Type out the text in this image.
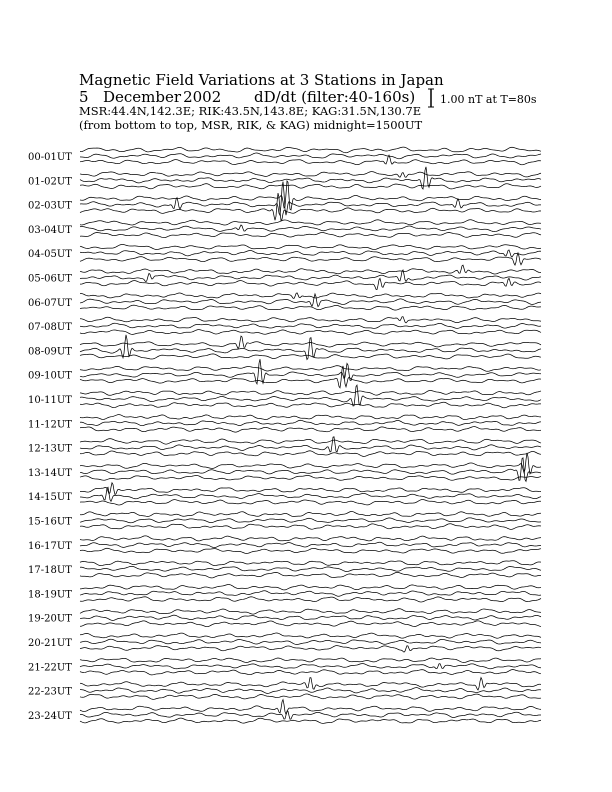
00-01UT
01-02UT
02-03UT
03-04UT
04-05UT
05-06UT
06-07UT
07-08UT
08-09UT
09-10UT
10-11UT
11-12UT
12-13UT
13-14UT
14-15UT
15-16UT
16-17UT
17-18UT
18-19UT
19-20UT
20-21UT
21-22UT
22-23UT
23-24UT
Magnetic Field Variations at 3 Stations in Japan
5 December 2002 dD/dt (filter:40-160s)
MSR:44.4N,142.3E; RIK:43.5N,143.8E; KAG:31.5N,130.7E
(from bottom to top, MSR, RIK, & KAG) midnight=1500UT
1.00 nT at T=80s
